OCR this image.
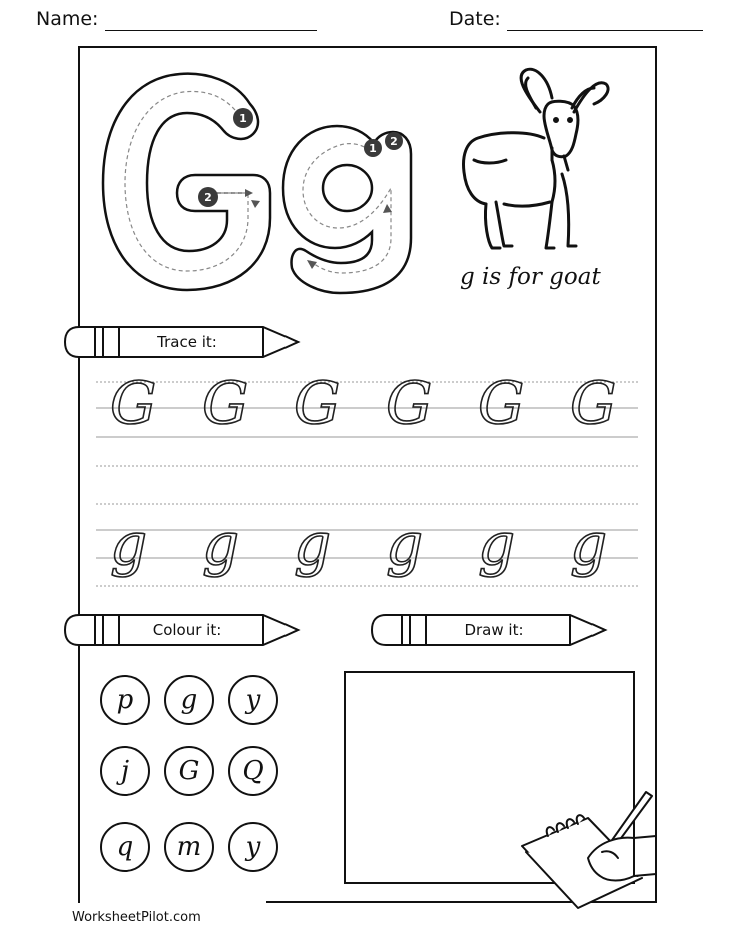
Name:	Date:
1
2
1
2
g is for goat
Trace it:
G G G G G G
g g g g g g
Colour it:	Draw it:
p	g	y
j	G	Q
q	m	y
WorksheetPilot.com
